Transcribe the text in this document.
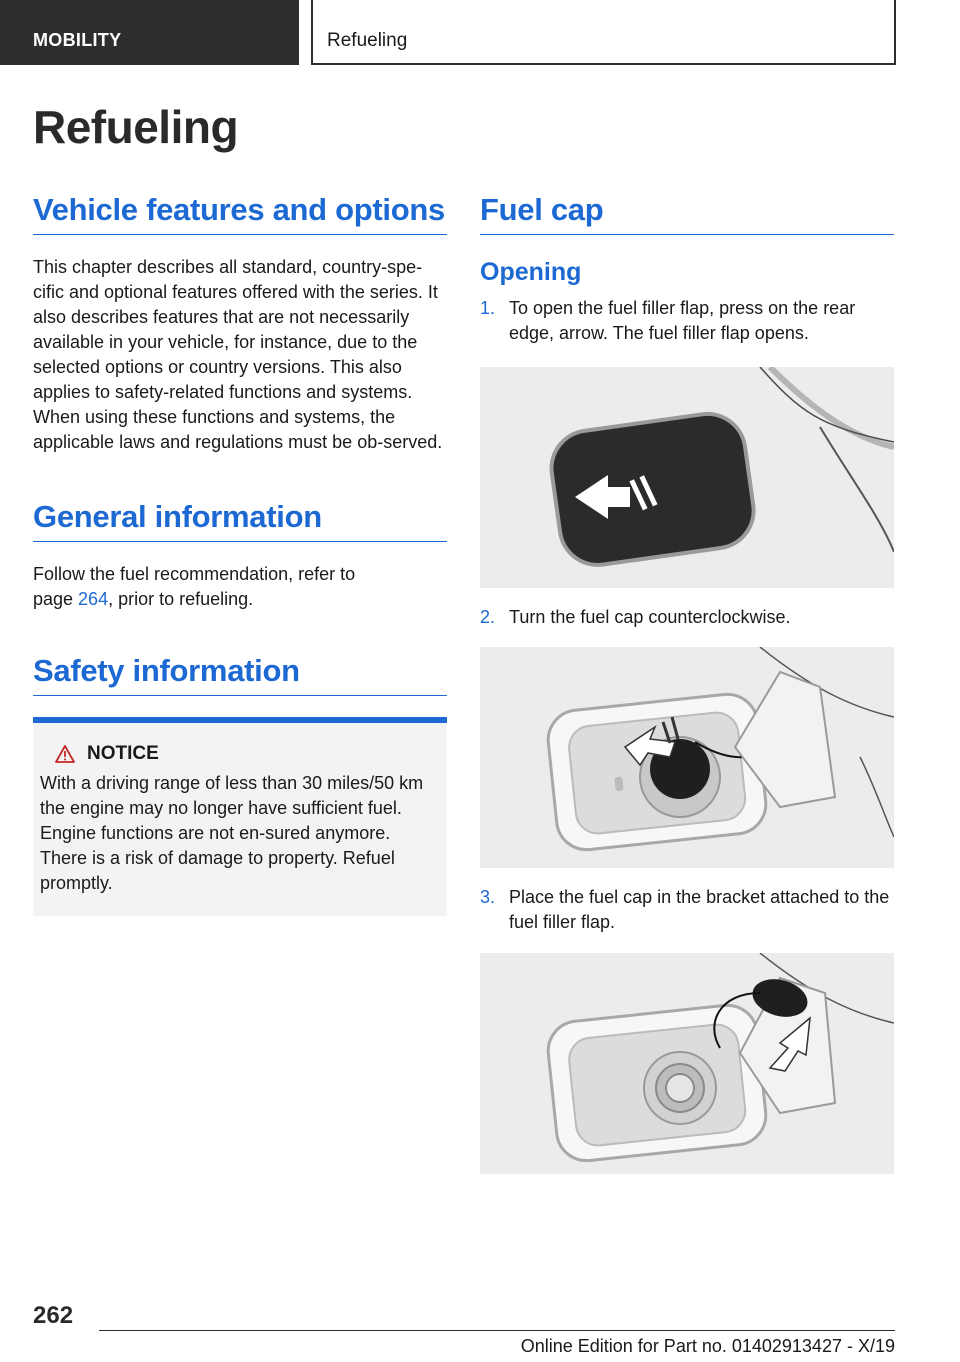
MOBILITY	Refueling
Refueling
Vehicle features and options

This chapter describes all standard, country-spe-cific and optional features offered with the series. It also describes features that are not necessarily available in your vehicle, for instance, due to the selected options or country versions. This also applies to safety-related functions and systems. When using these functions and systems, the applicable laws and regulations must be ob-served.

General information

Follow the fuel recommendation, refer to page 264, prior to refueling.

Safety information
NOTICE

With a driving range of less than 30 miles/50 km the engine may no longer have sufficient fuel. Engine functions are not en-sured anymore. There is a risk of damage to property. Refuel promptly.

Fuel cap
Opening
1. To open the fuel filler flap, press on the rear edge, arrow. The fuel filler flap opens.
2. Turn the fuel cap counterclockwise.
3. Place the fuel cap in the bracket attached to the fuel filler flap.
262
Online Edition for Part no. 01402913427 - X/19
